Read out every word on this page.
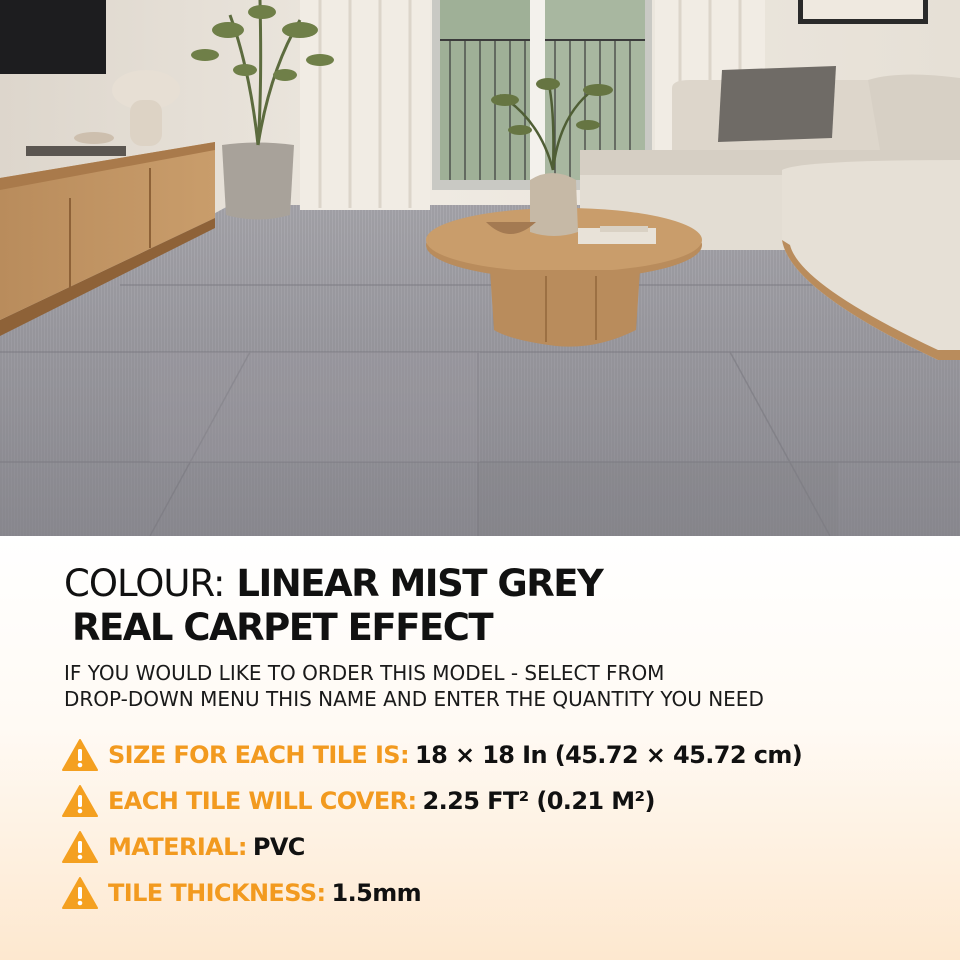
COLOUR: LINEAR MIST GREY
REAL CARPET EFFECT

IF YOU WOULD LIKE TO ORDER THIS MODEL - SELECT FROM
DROP-DOWN MENU THIS NAME AND ENTER THE QUANTITY YOU NEED

SIZE FOR EACH TILE IS: 18 × 18 In (45.72 × 45.72 cm)
EACH TILE WILL COVER: 2.25 FT² (0.21 M²)
MATERIAL: PVC
TILE THICKNESS: 1.5mm
